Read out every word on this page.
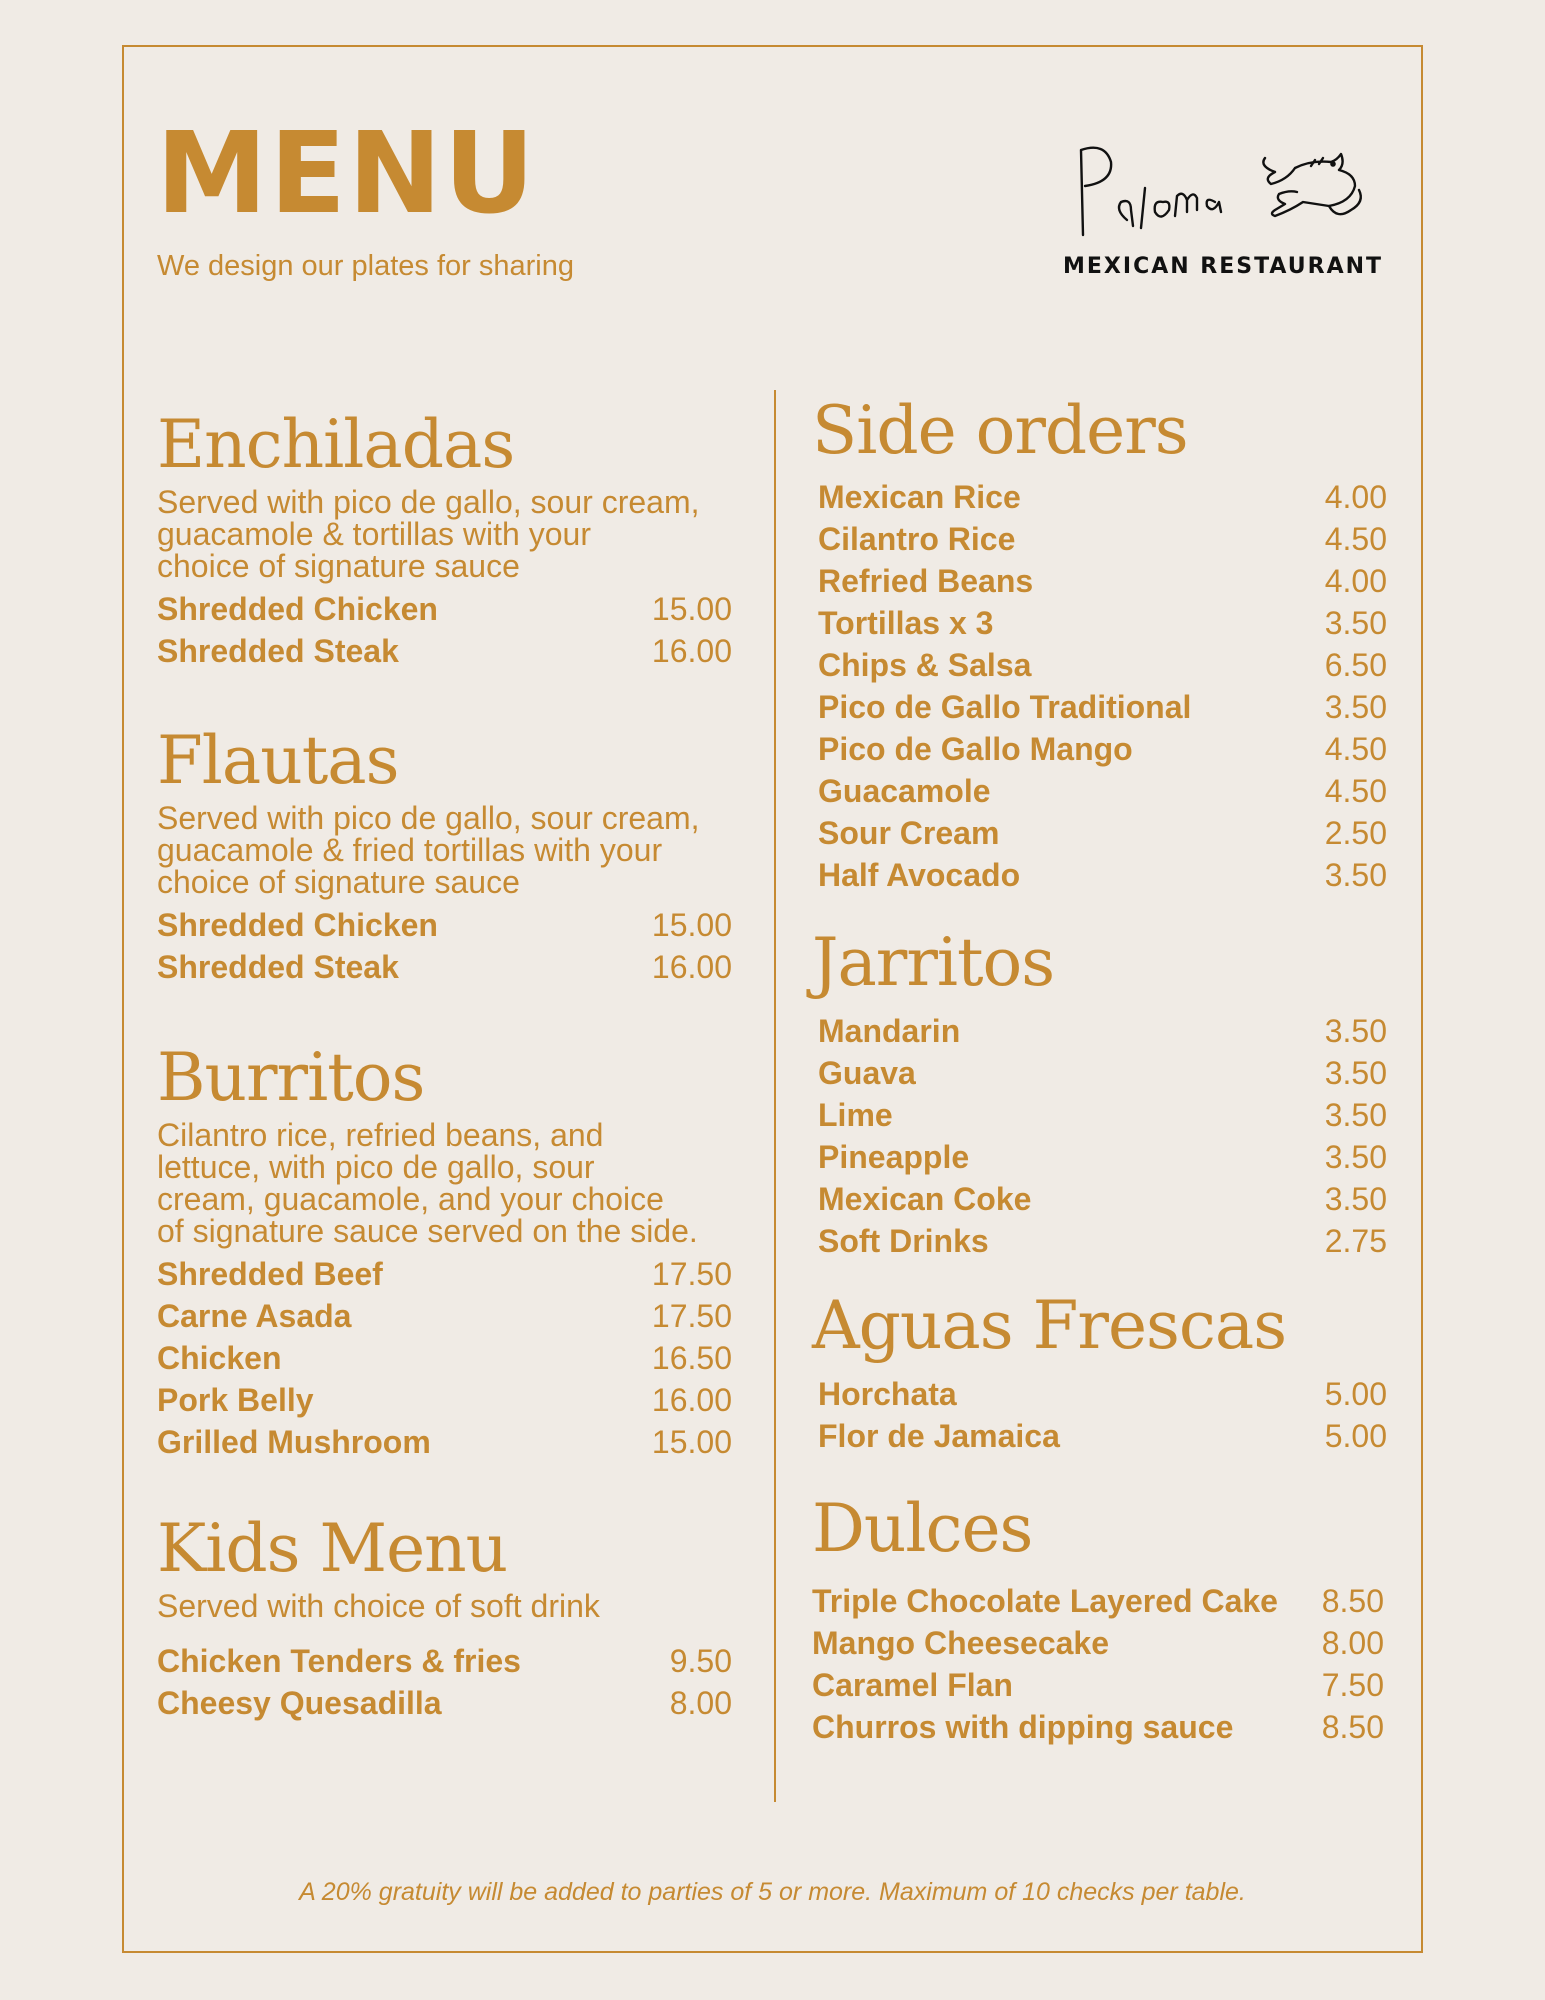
MENU
We design our plates for sharing	MEXICAN RESTAURANT
Enchiladas
Served with pico de gallo, sour cream,
guacamole & tortillas with your
choice of signature sauce
Shredded Chicken	15.00
Shredded Steak	16.00
Flautas
Served with pico de gallo, sour cream,
guacamole & fried tortillas with your
choice of signature sauce
Shredded Chicken	15.00
Shredded Steak	16.00
Burritos
Cilantro rice, refried beans, and
lettuce, with pico de gallo, sour
cream, guacamole, and your choice
of signature sauce served on the side.
Shredded Beef	17.50
Carne Asada	17.50
Chicken	16.50
Pork Belly	16.00
Grilled Mushroom	15.00
Kids Menu
Served with choice of soft drink
Chicken Tenders & fries	9.50
Cheesy Quesadilla	8.00
Side orders
Mexican Rice	4.00
Cilantro Rice	4.50
Refried Beans	4.00
Tortillas x 3	3.50
Chips & Salsa	6.50
Pico de Gallo Traditional	3.50
Pico de Gallo Mango	4.50
Guacamole	4.50
Sour Cream	2.50
Half Avocado	3.50
Jarritos
Mandarin	3.50
Guava	3.50
Lime	3.50
Pineapple	3.50
Mexican Coke	3.50
Soft Drinks	2.75
Aguas Frescas
Horchata	5.00
Flor de Jamaica	5.00
Dulces
Triple Chocolate Layered Cake 8.50
Mango Cheesecake	8.00
Caramel Flan	7.50
Churros with dipping sauce	8.50
A 20% gratuity will be added to parties of 5 or more. Maximum of 10 checks per table.
